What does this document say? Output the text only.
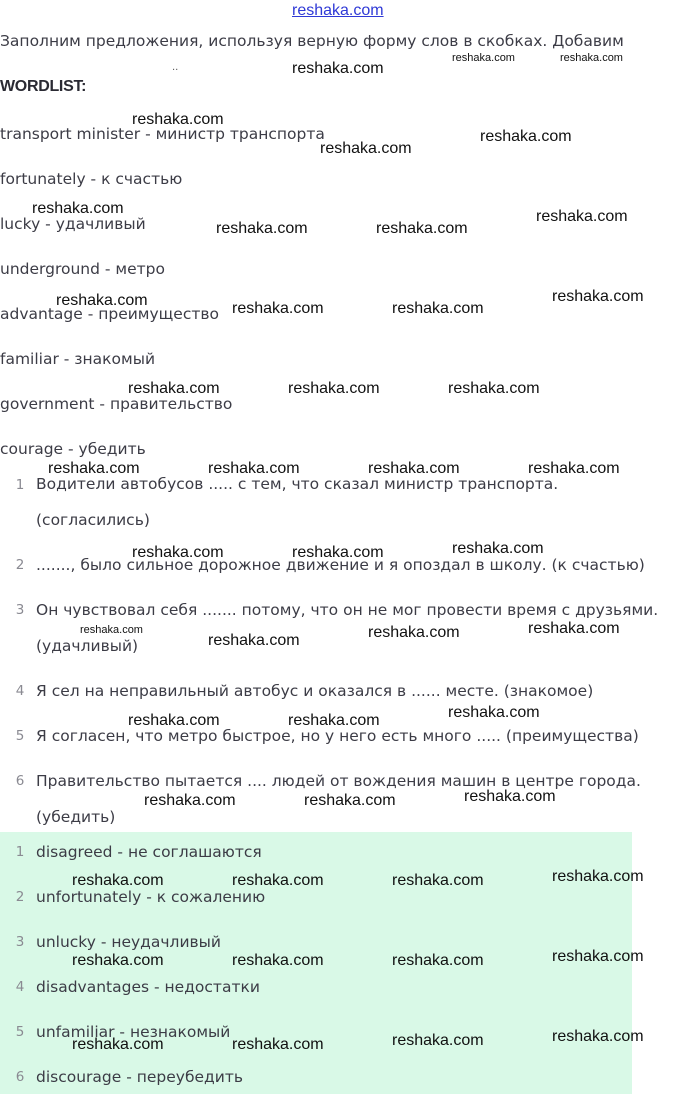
reshaka.com
Заполним предложения, используя верную форму слов в скобках. Добавим
..
WORDLIST:
transport minister - министр транспорта
fortunately - к счастью
lucky - удачливый
underground - метро
advantage - преимущество
familiar - знакомый
government - правительство
courage - убедить
1 Водители автобусов ..... с тем, что сказал министр транспорта. (согласились)
2 ......., было сильное дорожное движение и я опоздал в школу. (к счастью)
3 Он чувствовал себя ....... потому, что он не мог провести время с друзьями. (удачливый)
4 Я сел на неправильный автобус и оказался в ...... месте. (знакомое)
5 Я согласен, что метро быстрое, но у него есть много ..... (преимущества)
6 Правительство пытается .... людей от вождения машин в центре города. (убедить)
1 disagreed - не соглашаются
2 unfortunately - к сожалению
3 unlucky - неудачливый
4 disadvantages - недостатки
5 unfamiliar - незнакомый
6 discourage - переубедить
reshaka.com
reshaka.com	reshaka.com
reshaka.com
reshaka.com
reshaka.com
reshaka.com
reshaka.com	reshaka.com
reshaka.com
reshaka.com	reshaka.com	reshaka.com
reshaka.com
reshaka.com	reshaka.com	reshaka.com
reshaka.com	reshaka.com	reshaka.com	reshaka.com
reshaka.com	reshaka.com	reshaka.com
reshaka.com
reshaka.com	reshaka.com	reshaka.com
reshaka.com	reshaka.com	reshaka.com
reshaka.com	reshaka.com	reshaka.com
reshaka.com	reshaka.com	reshaka.com	reshaka.com
reshaka.com	reshaka.com	reshaka.com	reshaka.com
reshaka.com	reshaka.com	reshaka.com	reshaka.com
